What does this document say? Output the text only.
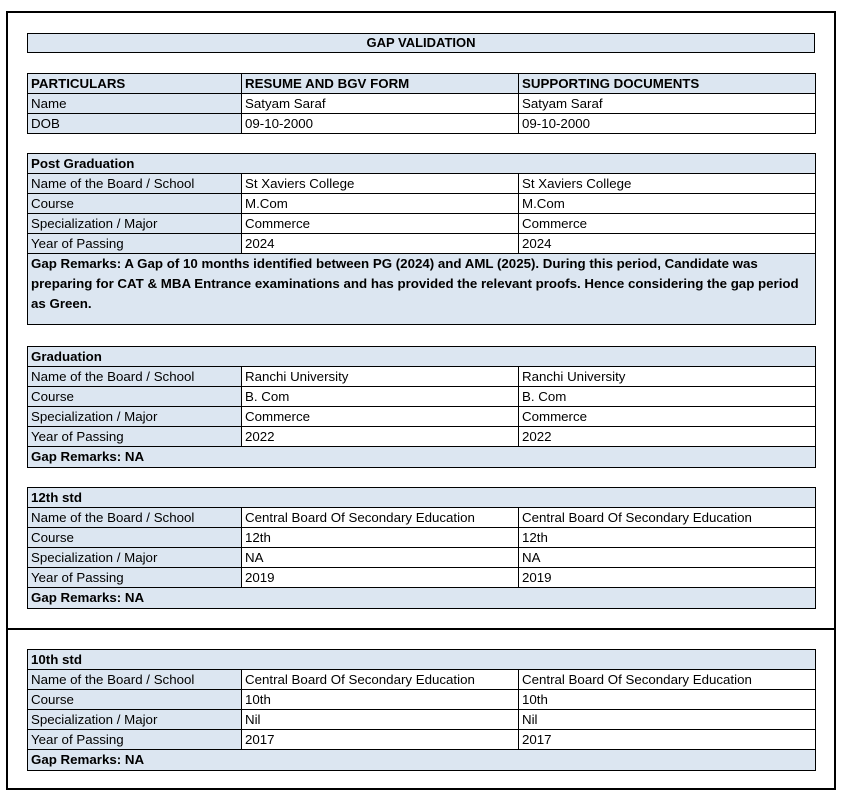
GAP VALIDATION
PARTICULARS	RESUME AND BGV FORM	SUPPORTING DOCUMENTS
Name	Satyam Saraf	Satyam Saraf
DOB	09-10-2000	09-10-2000
Post Graduation		
Name of the Board / School	St Xaviers College	St Xaviers College
Course	M.Com	M.Com
Specialization / Major	Commerce	Commerce
Year of Passing	2024	2024
Gap Remarks: A Gap of 10 months identified between PG (2024) and AML (2025). During this period, Candidate was preparing for CAT & MBA Entrance examinations and has provided the relevant proofs. Hence considering the gap period as Green.		
Graduation		
Name of the Board / School	Ranchi University	Ranchi University
Course	B. Com	B. Com
Specialization / Major	Commerce	Commerce
Year of Passing	2022	2022
Gap Remarks: NA		
12th std		
Name of the Board / School	Central Board Of Secondary Education	Central Board Of Secondary Education
Course	12th	12th
Specialization / Major	NA	NA
Year of Passing	2019	2019
Gap Remarks: NA		
10th std		
Name of the Board / School	Central Board Of Secondary Education	Central Board Of Secondary Education
Course	10th	10th
Specialization / Major	Nil	Nil
Year of Passing	2017	2017
Gap Remarks: NA		
